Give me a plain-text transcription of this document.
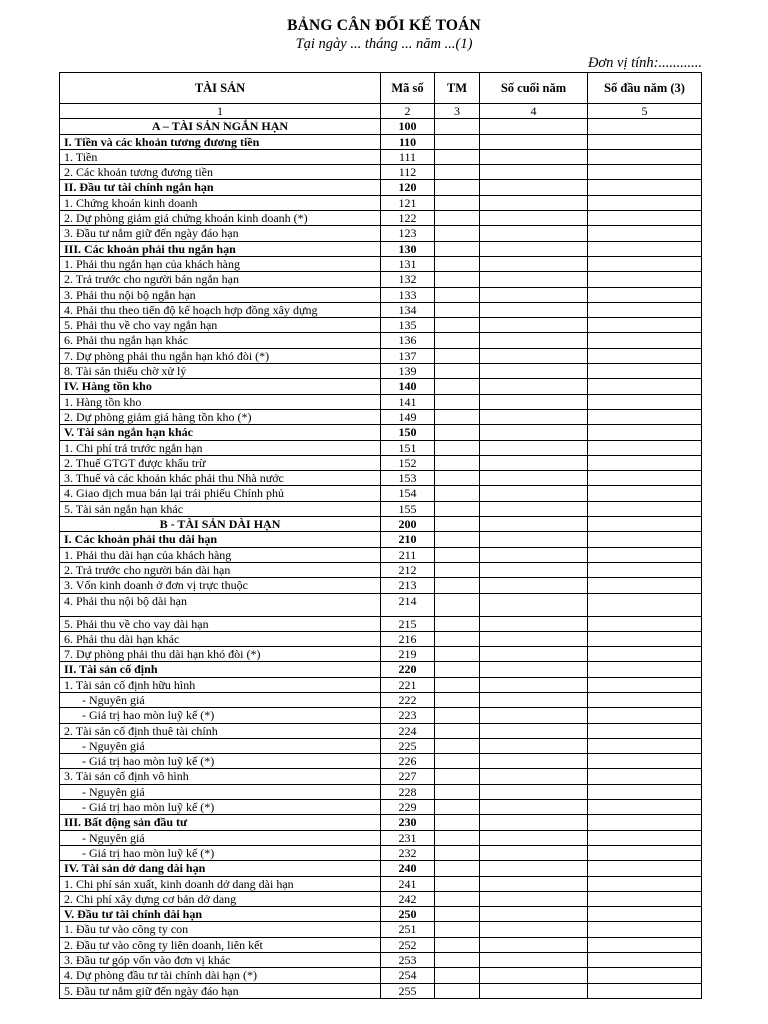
BẢNG CÂN ĐỐI KẾ TOÁN
Tại ngày ... tháng ... năm ...(1)
Đơn vị tính:............
TÀI SẢN	Mã số	TM	Số cuối năm	Số đầu năm (3)
1	2	3	4	5
A – TÀI SẢN NGẮN HẠN	100			
I. Tiền và các khoản tương đương tiền	110			
1. Tiền	111			
2. Các khoản tương đương tiền	112			
II. Đầu tư tài chính ngắn hạn	120			
1. Chứng khoán kinh doanh	121			
2. Dự phòng giảm giá chứng khoán kinh doanh (*)	122			
3. Đầu tư nắm giữ đến ngày đáo hạn	123			
III. Các khoản phải thu ngắn hạn	130			
1. Phải thu ngắn hạn của khách hàng	131			
2. Trả trước cho người bán ngắn hạn	132			
3. Phải thu nội bộ ngắn hạn	133			
4. Phải thu theo tiến độ kế hoạch hợp đồng xây dựng	134			
5. Phải thu về cho vay ngắn hạn	135			
6. Phải thu ngắn hạn khác	136			
7. Dự phòng phải thu ngắn hạn khó đòi (*)	137			
8. Tài sản thiếu chờ xử lý	139			
IV. Hàng tồn kho	140			
1. Hàng tồn kho	141			
2. Dự phòng giảm giá hàng tồn kho (*)	149			
V. Tài sản ngắn hạn khác	150			
1. Chi phí trả trước ngắn hạn	151			
2. Thuế GTGT được khấu trừ	152			
3. Thuế và các khoản khác phải thu Nhà nước	153			
4. Giao dịch mua bán lại trái phiếu Chính phủ	154			
5. Tài sản ngắn hạn khác	155			
B - TÀI SẢN DÀI HẠN	200			
I. Các khoản phải thu dài hạn	210			
1. Phải thu dài hạn của khách hàng	211			
2. Trả trước cho người bán dài hạn	212			
3. Vốn kinh doanh ở đơn vị trực thuộc	213			
4. Phải thu nội bộ dài hạn	214			
5. Phải thu về cho vay dài hạn	215			
6. Phải thu dài hạn khác	216			
7. Dự phòng phải thu dài hạn khó đòi (*)	219			
II. Tài sản cố định	220			
1. Tài sản cố định hữu hình	221			
- Nguyên giá	222			
- Giá trị hao mòn luỹ kế (*)	223			
2. Tài sản cố định thuê tài chính	224			
- Nguyên giá	225			
- Giá trị hao mòn luỹ kế (*)	226			
3. Tài sản cố định vô hình	227			
- Nguyên giá	228			
- Giá trị hao mòn luỹ kế (*)	229			
III. Bất động sản đầu tư	230			
- Nguyên giá	231			
- Giá trị hao mòn luỹ kế (*)	232			
IV. Tài sản dở dang dài hạn	240			
1. Chi phí sản xuất, kinh doanh dở dang dài hạn	241			
2. Chi phí xây dựng cơ bản dở dang	242			
V. Đầu tư tài chính dài hạn	250			
1. Đầu tư vào công ty con	251			
2. Đầu tư vào công ty liên doanh, liên kết	252			
3. Đầu tư góp vốn vào đơn vị khác	253			
4. Dự phòng đầu tư tài chính dài hạn (*)	254			
5. Đầu tư nắm giữ đến ngày đáo hạn	255			
